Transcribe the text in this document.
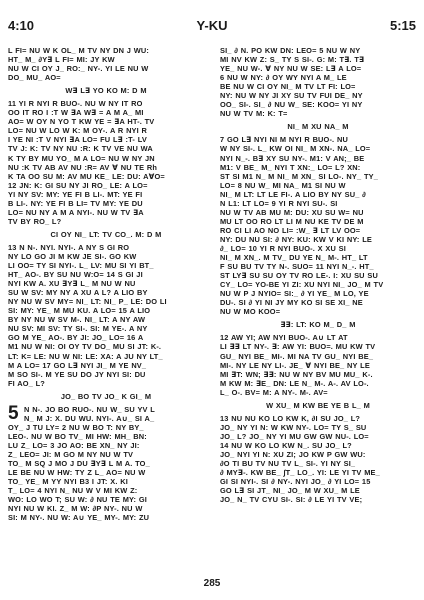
4:10	Y-KU	5:15
L FI= NU W K OL_ M TV NY DN J WU:
HT_ M_ ∂Y∃ L FI= MI: JY KW
NU W CI OY J_ RO:_ NY-. YI LE NU W
DO_ MU_ AO=
W∃ L∃ YO KO M: D M
11 YI R NYI R BUO-. NU W NY IT RO
OO IT RO I :T W ∃A W∃ = A M A_ MI
AO= W OY N YO T KW YE = ∃A HT-. TV
LO= NU W LO W K: M OY-. A R NYI R
I YE NI :T V NYI ∃A LO= FU L∃ :T- LV
TV J: K: TV NY NU :R: K TV VE NU WA
K TY BY MU YO_ M A LO= NU W NY JN
NU :K TV AB AV NU :R= AV ∀ NU TE Rh
K TA OO SU M: AV MU KE_ LE: DU: A∀O=
12 JN: K: GI SU NY JI RO_ LE: A LO=
YI NY SV: MY: YE FI B LI-. MT: YE FI
B LI-. NY: YE FI B LI= TV MY: YE DU
LO= NU NY A M A NYI-. NU W TV ∃A
TV BY RO_ L?
CI OY NI_ LT: TV CO_. M: D M
13 N N-. NYI. NYI-. A NY S GI RO
NY LO GO JI M KW JE SI-. GO KW
LI OO= TY SI NYI-. L_ LV: MU SI YI BT_
HT_ AO-. BY SU NU W:O= 14 S GI JI
NYI KW A. XU ∃Y∃ L_ M NU W NU
SU W SV: MY NY A XU A L? A LIO BY
NY NU W SV MY= NI_ LT: NI_ P_ LE: DO LI
SI: MY: YE_ M MU KU. A LO= 15 A LIO
BY NY NU W SV M-. NI_ LT: A NY AW
NU SV: MI SV: TY SI-. SI: M YE-. A NY
GO M YE_ AO-. BY JI: JO_ LO= 16 A
M1 NU W NI: OI OY TV DO_ MU SI JT: K-.
LT: K= LE: NU W NI: LE: XA: A JU NY LT_
M A LO= 17 GO L∃ NYI JI_ M YE NV_
M SO SI-. M YE SU DO JY NYI SI: DU
FI AO_ L?
JO_ BO TV JO_ K GI_ M
5 N N-. JO BO RUO-. NU W_ SU YV L
N_ M J: X. DU WU. NYI-. A∪_ SI A_
OY_ J TU LY= 2 NU W BO T: NY BY_
LEO-. NU W BO TV_ MI HW: MH_ BN:
LU Z_ LO= 3 JO AO: BE XN_ NY JI:
Z_ LEO= JI: M GO M NY NU W TV
TO_ M SQ J MO J DU ∃Y∃ L M A. TO_
LE BE NU W HW: TY Z L_ AO= NU W
TO_ YE_ M YY NYI B3 I JT: X. KI
T_ LO= 4 NYI N_ NU W V MI KW Z:
WO: LO WO T; SU W: ∂ NU TE MY: GI
NYI NU W KI. Z_ M W: ∂P NY-. NU W
SI: M NY-. NU W: A∪ YE_ MY-. MY: ZU
SI_ ∂ N. PO KW DN: LEO= 5 NU W NY
MI NV KW Z: S_ TY S SI-. G: M: T∃. T∃
YE_ NU W-. ∀ NY NU W SE: L∃ A LO=
6 NU W NY: ∂ OY WY NYI A M_ LE
BE NU W CI OY NI_ M TV LT FI: LO=
NY: NU W NY JI XY SU TV FUI DE_ NY
OO_ SI-. SI_ ∂ NU W_ SE: KOO= YI NY
NU W TV M: K: T=
NI_ M XU NA_ M
7 GO L∃ NYI NI M NYI R BUO-. NU
W NY SI-. L_ KW OI NI_ M XN-. NA_ LO=
NYI N_-. B∃ XY SU NY-. M1: V AN;_ BE
M1: V BE_ M_ NYI T XN:_ LO= L? XN:
ST SI M1 N_ M NI_ M XN_ SI LO-. NY_ TY_
LO= 8 NU W_ MI NA_ M1 SI NU W
NI_ M LT: LT LE FI-. A LIO BY NY SU_ ∂
N L1: LT LO= 9 YI R NYI SU-. SI
NU W TV AB MU M: DU: XU SU W= NU
MU LT OO RO LT LI M NU KE TV DE M
RO CI LI AO NO LI= :W_ ∃ LT LV OO=
NY: DU NU SI: ∂ NY: KU: KW V KI NY: LE
∂_ LO= 10 YI R NYI BUO-. X XU SI
NI_ M XN_. M TV_ DU YE N_ M-. HT_ LT
F SU BU TV TY N-. SUO= 11 NYI N_-. HT_
ST LY∃ SU SU OY TV RO LE-. I: XU SU SU
CY_ LO= YO-BE YI ZI: XU NYI NI_ JO_ M TV
NU W P J NYIO= SI:_ ∂ YI YE_ M LO, YE
DU-. SI ∂ YI NI JY MY KO SI SE XI_ NE
NU W MO KOO=
∃∃: LT: KO M_ D_ M
12 AW YI; AW NYI BUO-. A∪ LT AT
LI ∃∃ LT NY-. ∃: AW YI: BUO=. MU KW TV
GU_ NYI BE_ MI-. MI NA TV GU_ NYI BE_
MI-. NY LE NY LI-. JE_ ∀ NYI BE_ NY LE
MI ∃T: WN; ∃∃: NU W NY BV MU MU_ K-.
M KW M: ∃E_ DN: LE N_ M-. A-. AV LO-.
L_ O-. BV= M: A NY-. M-. AV=
W XU_ M KW BE YE B L_ M
13 NU NU KO LO KW K, ∂I SU JO_ L?
JO_ NY YI N: W KW NY-. LO= TY S_ SU
JO_ L? JO_ NY YI MU GW GW NU-. LO=
14 NU W KO LO KW N_. SU JO_ L?
JO_ NYI YI N: XU ZI; JO KW P GW WU:
∂O TI BU TV NU TV L_ SI-. YI NY SI_
∂ MY∃-. KW BE_ ∫T_ LO_. YI: LE YI TV ME_
GI SI NYI-. SI ∂ NY-. NYI JO_ ∂ YI LO= 15
GO L∃ SI JT_ NI_ JO_ M W XU_ M LE
JO_ N_ TV CYU SI-. SI: ∂ LE YI TV VE;
285
